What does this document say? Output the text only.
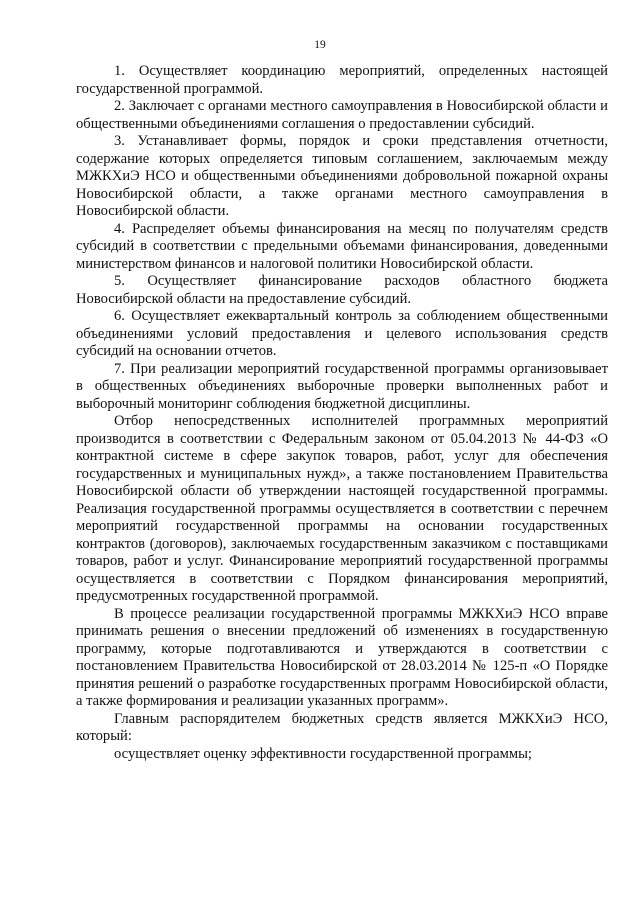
19

1. Осуществляет координацию мероприятий, определенных настоящей государственной программой.

2. Заключает с органами местного самоуправления в Новосибирской области и общественными объединениями соглашения о предоставлении субсидий.

3. Устанавливает формы, порядок и сроки представления отчетности, содержание которых определяется типовым соглашением, заключаемым между МЖКХиЭ НСО и общественными объединениями добровольной пожарной охраны Новосибирской области, а также органами местного самоуправления в Новосибирской области.

4. Распределяет объемы финансирования на месяц по получателям средств субсидий в соответствии с предельными объемами финансирования, доведенными министерством финансов и налоговой политики Новосибирской области.

5. Осуществляет финансирование расходов областного бюджета Новосибирской области на предоставление субсидий.

6. Осуществляет ежеквартальный контроль за соблюдением общественными объединениями условий предоставления и целевого использования средств субсидий на основании отчетов.

7. При реализации мероприятий государственной программы организовывает в общественных объединениях выборочные проверки выполненных работ и выборочный мониторинг соблюдения бюджетной дисциплины.

Отбор непосредственных исполнителей программных мероприятий производится в соответствии с Федеральным законом от 05.04.2013 № 44-ФЗ «О контрактной системе в сфере закупок товаров, работ, услуг для обеспечения государственных и муниципальных нужд», а также постановлением Правительства Новосибирской области об утверждении настоящей государственной программы. Реализация государственной программы осуществляется в соответствии с перечнем мероприятий государственной программы на основании государственных контрактов (договоров), заключаемых государственным заказчиком с поставщиками товаров, работ и услуг. Финансирование мероприятий государственной программы осуществляется в соответствии с Порядком финансирования мероприятий, предусмотренных государственной программой.

В процессе реализации государственной программы МЖКХиЭ НСО вправе принимать решения о внесении предложений об изменениях в государственную программу, которые подготавливаются и утверждаются в соответствии с постановлением Правительства Новосибирской от 28.03.2014 № 125-п «О Порядке принятия решений о разработке государственных программ Новосибирской области, а также формирования и реализации указанных программ».

Главным распорядителем бюджетных средств является МЖКХиЭ НСО, который:

осуществляет оценку эффективности государственной программы;
